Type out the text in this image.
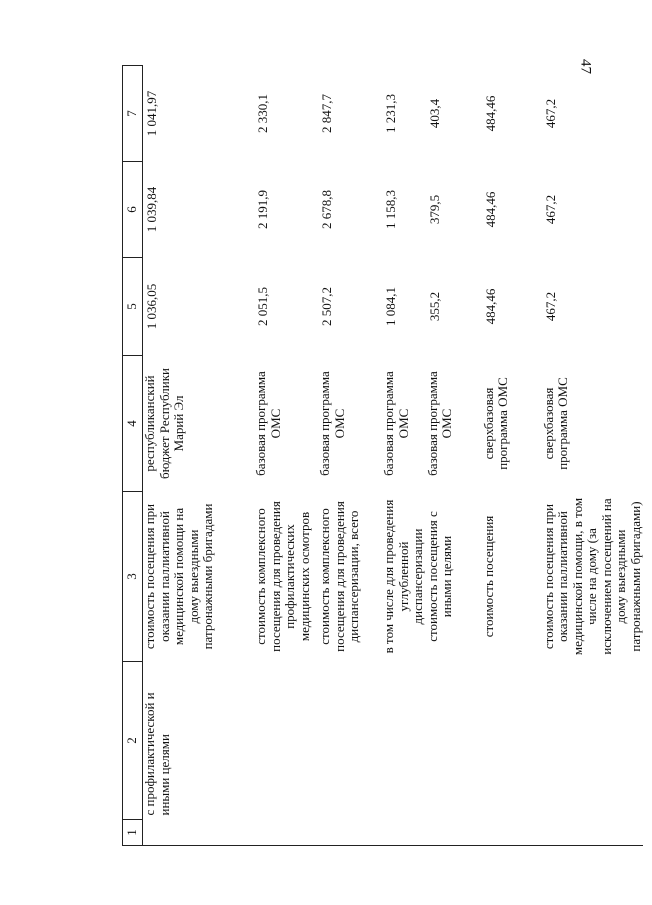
47
1	2	3	4	5	6	7
	с профилактической и иными целями	стоимость посещения при оказании паллиативной медицинской помощи на дому выездными патронажными бригадами	республиканский бюджет Республики Марий Эл	1 036,05	1 039,84	1 041,97
		стоимость комплексного посещения для проведения профилактических медицинских осмотров	базовая программа ОМС	2 051,5	2 191,9	2 330,1
		стоимость комплексного посещения для проведения диспансеризации, всего	базовая программа ОМС	2 507,2	2 678,8	2 847,7
		в том числе для проведения углубленной диспансеризации	базовая программа ОМС	1 084,1	1 158,3	1 231,3
		стоимость посещения с иными целями	базовая программа ОМС	355,2	379,5	403,4
		стоимость посещения	сверхбазовая программа ОМС	484,46	484,46	484,46
		стоимость посещения при оказании паллиативной медицинской помощи, в том числе на дому (за исключением посещений на дому выездными патронажными бригадами)	сверхбазовая программа ОМС	467,2	467,2	467,2
